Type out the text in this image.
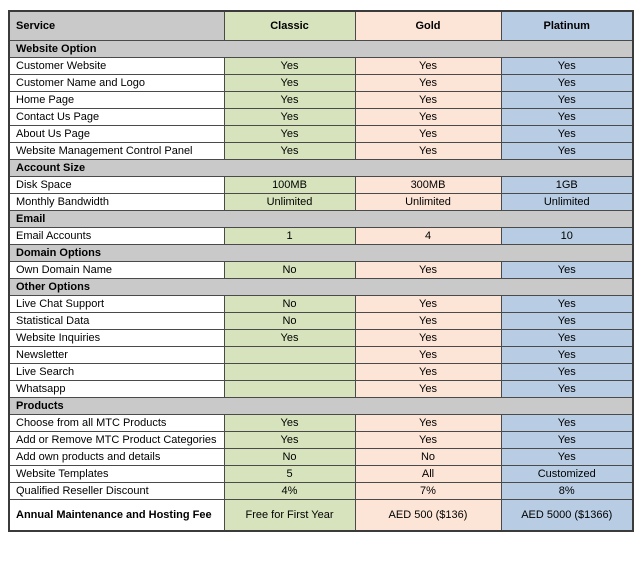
Service	Classic	Gold	Platinum
Website Option			
Customer Website	Yes	Yes	Yes
Customer Name and Logo	Yes	Yes	Yes
Home Page	Yes	Yes	Yes
Contact Us Page	Yes	Yes	Yes
About Us Page	Yes	Yes	Yes
Website Management Control Panel	Yes	Yes	Yes
Account Size			
Disk Space	100MB	300MB	1GB
Monthly Bandwidth	Unlimited	Unlimited	Unlimited
Email			
Email Accounts	1	4	10
Domain Options			
Own Domain Name	No	Yes	Yes
Other Options			
Live Chat Support	No	Yes	Yes
Statistical Data	No	Yes	Yes
Website Inquiries	Yes	Yes	Yes
Newsletter		Yes	Yes
Live Search		Yes	Yes
Whatsapp		Yes	Yes
Products			
Choose from all MTC Products	Yes	Yes	Yes
Add or Remove MTC Product Categories	Yes	Yes	Yes
Add own products and details	No	No	Yes
Website Templates	5	All	Customized
Qualified Reseller Discount	4%	7%	8%
Annual Maintenance and Hosting Fee	Free for First Year	AED 500 ($136)	AED 5000 ($1366)
